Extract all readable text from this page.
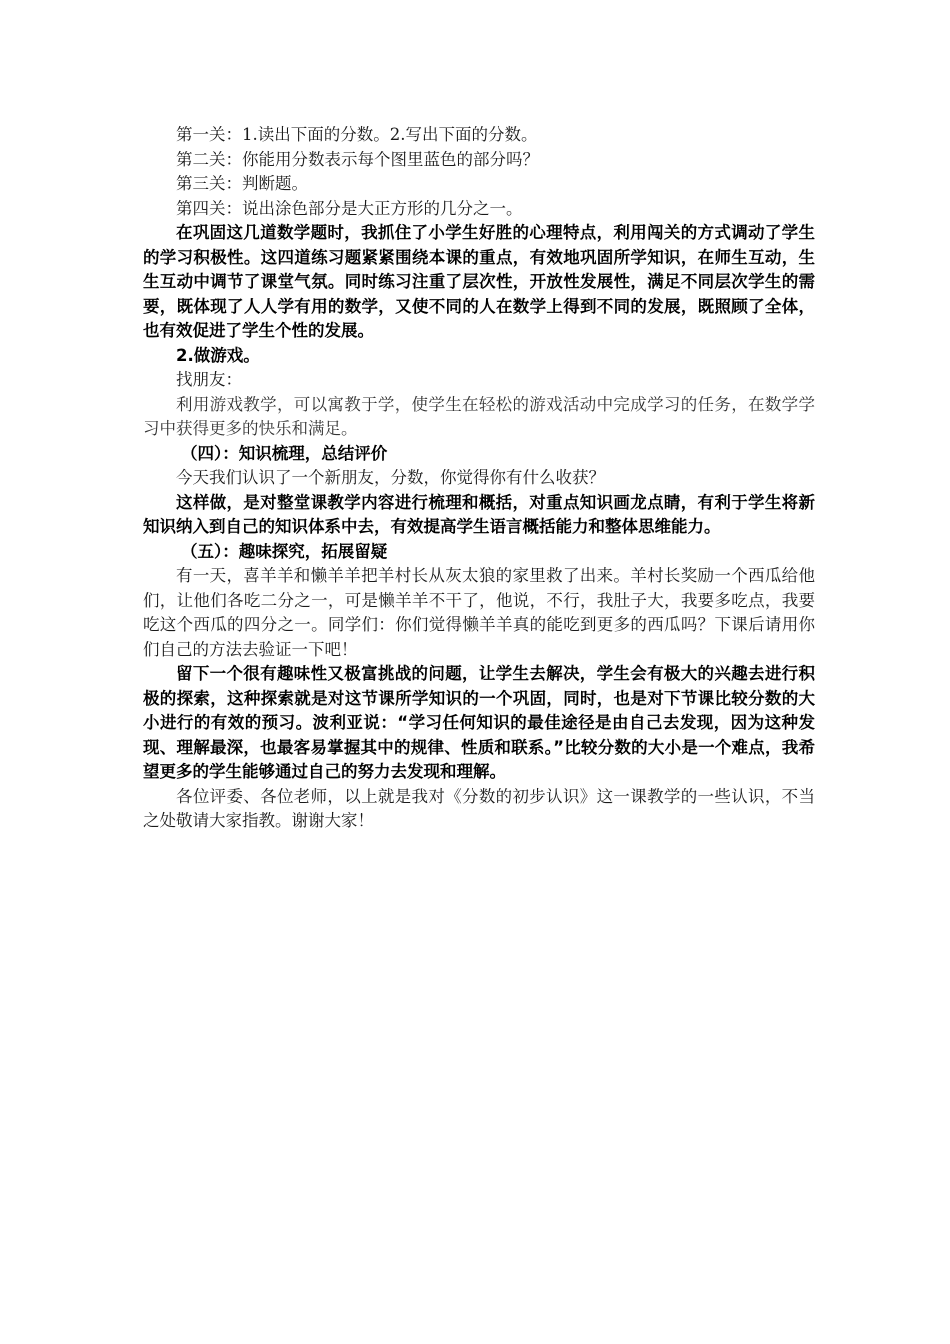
第一关：1.读出下面的分数。2.写出下面的分数。

第二关：你能用分数表示每个图里蓝色的部分吗？

第三关：判断题。

第四关：说出涂色部分是大正方形的几分之一。

在巩固这几道数学题时，我抓住了小学生好胜的心理特点，利用闯关的方式调动了学生的学习积极性。这四道练习题紧紧围绕本课的重点，有效地巩固所学知识，在师生互动，生生互动中调节了课堂气氛。同时练习注重了层次性，开放性发展性，满足不同层次学生的需要，既体现了人人学有用的数学，又使不同的人在数学上得到不同的发展，既照顾了全体，也有效促进了学生个性的发展。

2.做游戏。

找朋友：

利用游戏教学，可以寓教于学，使学生在轻松的游戏活动中完成学习的任务，在数学学习中获得更多的快乐和满足。

（四）：知识梳理，总结评价

今天我们认识了一个新朋友，分数，你觉得你有什么收获？

这样做，是对整堂课教学内容进行梳理和概括，对重点知识画龙点睛，有利于学生将新知识纳入到自己的知识体系中去，有效提高学生语言概括能力和整体思维能力。

（五）：趣味探究，拓展留疑

有一天，喜羊羊和懒羊羊把羊村长从灰太狼的家里救了出来。羊村长奖励一个西瓜给他们，让他们各吃二分之一，可是懒羊羊不干了，他说，不行，我肚子大，我要多吃点，我要吃这个西瓜的四分之一。同学们：你们觉得懒羊羊真的能吃到更多的西瓜吗？下课后请用你们自己的方法去验证一下吧！

留下一个很有趣味性又极富挑战的问题，让学生去解决，学生会有极大的兴趣去进行积极的探索，这种探索就是对这节课所学知识的一个巩固，同时，也是对下节课比较分数的大小进行的有效的预习。波利亚说：“学习任何知识的最佳途径是由自己去发现，因为这种发现、理解最深，也最客易掌握其中的规律、性质和联系。”比较分数的大小是一个难点，我希望更多的学生能够通过自己的努力去发现和理解。

各位评委、各位老师，以上就是我对《分数的初步认识》这一课教学的一些认识，不当之处敬请大家指教。谢谢大家！
